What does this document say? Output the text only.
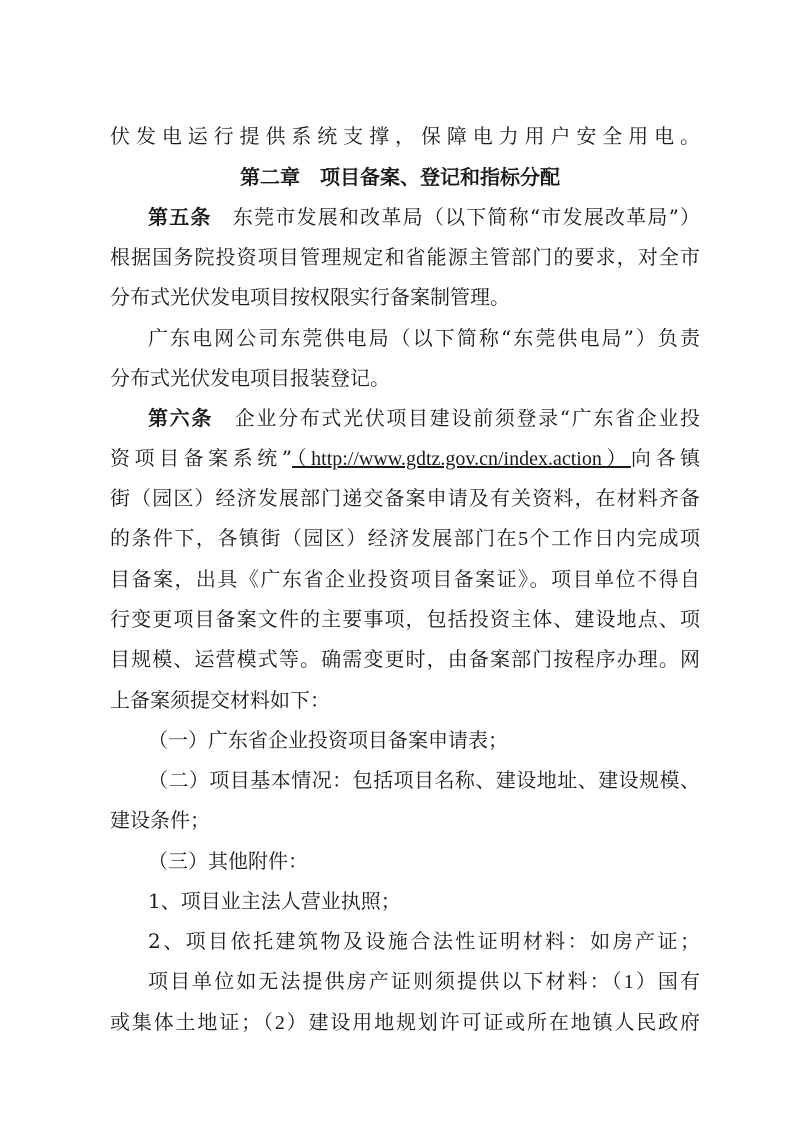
伏发电运行提供系统支撑，保障电力用户安全用电。
第二章　项目备案、登记和指标分配
第五条　 东莞市发展和改革局（以下简称“市发展改革局”）
根据国务院投资项目管理规定和省能源主管部门的要求，对全市
分布式光伏发电项目按权限实行备案制管理。
广东电网公司东莞供电局（以下简称“东莞供电局”）负责
分布式光伏发电项目报装登记。
第六条　 企业分布式光伏项目建设前须登录“广东省企业投
资项目备案系统”（http://www.gdtz.gov.cn/index.action）向各镇
街（园区）经济发展部门递交备案申请及有关资料，在材料齐备
的条件下，各镇街（园区）经济发展部门在5个工作日内完成项
目备案，出具《广东省企业投资项目备案证》。项目单位不得自
行变更项目备案文件的主要事项，包括投资主体、建设地点、项
目规模、运营模式等。确需变更时，由备案部门按程序办理。网
上备案须提交材料如下：
（一）广东省企业投资项目备案申请表；
（二）项目基本情况：包括项目名称、建设地址、建设规模、
建设条件；
（三）其他附件：
1、项目业主法人营业执照；
2、项目依托建筑物及设施合法性证明材料：如房产证；
项目单位如无法提供房产证则须提供以下材料：（1）国有
或集体土地证；（2）建设用地规划许可证或所在地镇人民政府
